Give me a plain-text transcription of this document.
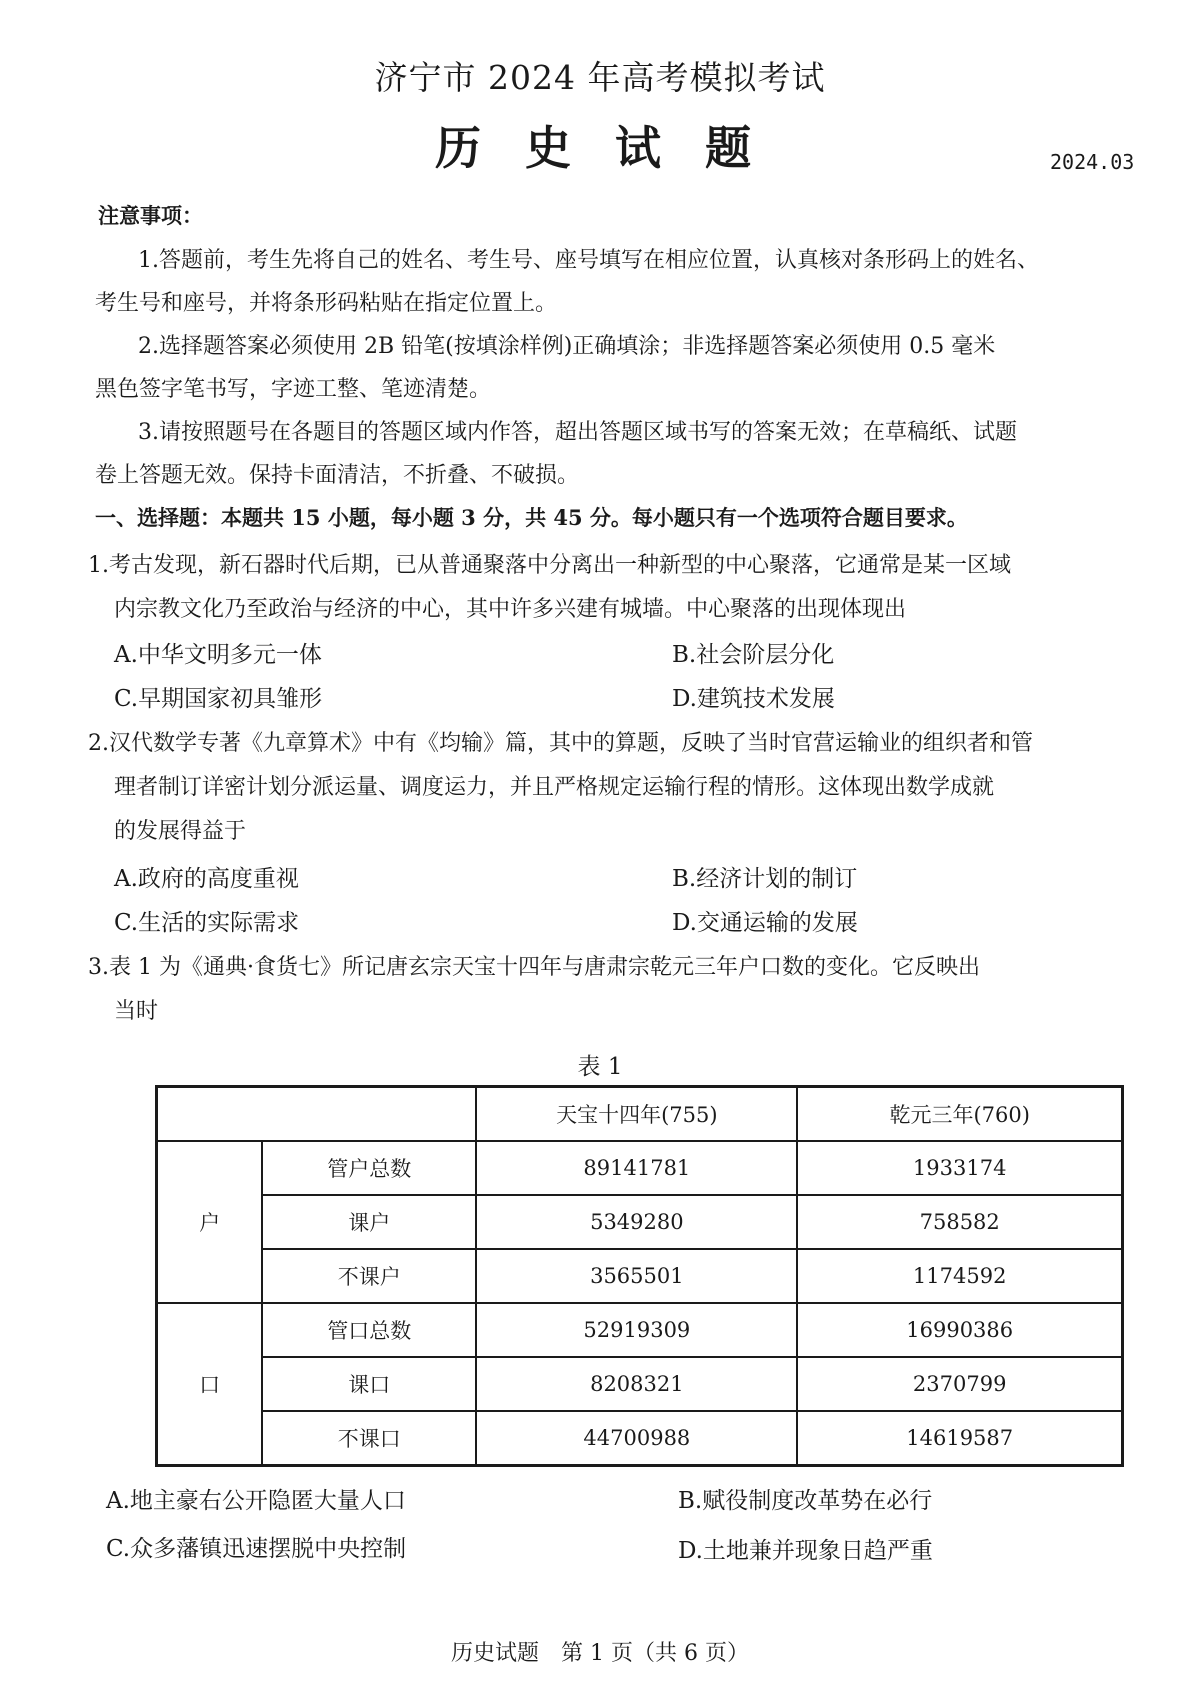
济宁市 2024 年高考模拟考试
历 史 试 题	2024.03
注意事项：
1.答题前，考生先将自己的姓名、考生号、座号填写在相应位置，认真核对条形码上的姓名、
考生号和座号，并将条形码粘贴在指定位置上。
2.选择题答案必须使用 2B 铅笔(按填涂样例)正确填涂；非选择题答案必须使用 0.5 毫米
黑色签字笔书写，字迹工整、笔迹清楚。
3.请按照题号在各题目的答题区域内作答，超出答题区域书写的答案无效；在草稿纸、试题
卷上答题无效。保持卡面清洁，不折叠、不破损。
一、选择题：本题共 15 小题，每小题 3 分，共 45 分。每小题只有一个选项符合题目要求。
1.考古发现，新石器时代后期，已从普通聚落中分离出一种新型的中心聚落，它通常是某一区域
内宗教文化乃至政治与经济的中心，其中许多兴建有城墙。中心聚落的出现体现出
A.中华文明多元一体	B.社会阶层分化
C.早期国家初具雏形	D.建筑技术发展
2.汉代数学专著《九章算术》中有《均输》篇，其中的算题，反映了当时官营运输业的组织者和管
理者制订详密计划分派运量、调度运力，并且严格规定运输行程的情形。这体现出数学成就
的发展得益于
A.政府的高度重视	B.经济计划的制订
C.生活的实际需求	D.交通运输的发展
3.表 1 为《通典·食货七》所记唐玄宗天宝十四年与唐肃宗乾元三年户口数的变化。它反映出
当时
表 1
		天宝十四年(755)	乾元三年(760)
户	管户总数	89141781	1933174
	课户	5349280	758582
	不课户	3565501	1174592
口	管口总数	52919309	16990386
	课口	8208321	2370799
	不课口	44700988	14619587
A.地主豪右公开隐匿大量人口	B.赋役制度改革势在必行
C.众多藩镇迅速摆脱中央控制	D.土地兼并现象日趋严重
历史试题　第 1 页（共 6 页）
